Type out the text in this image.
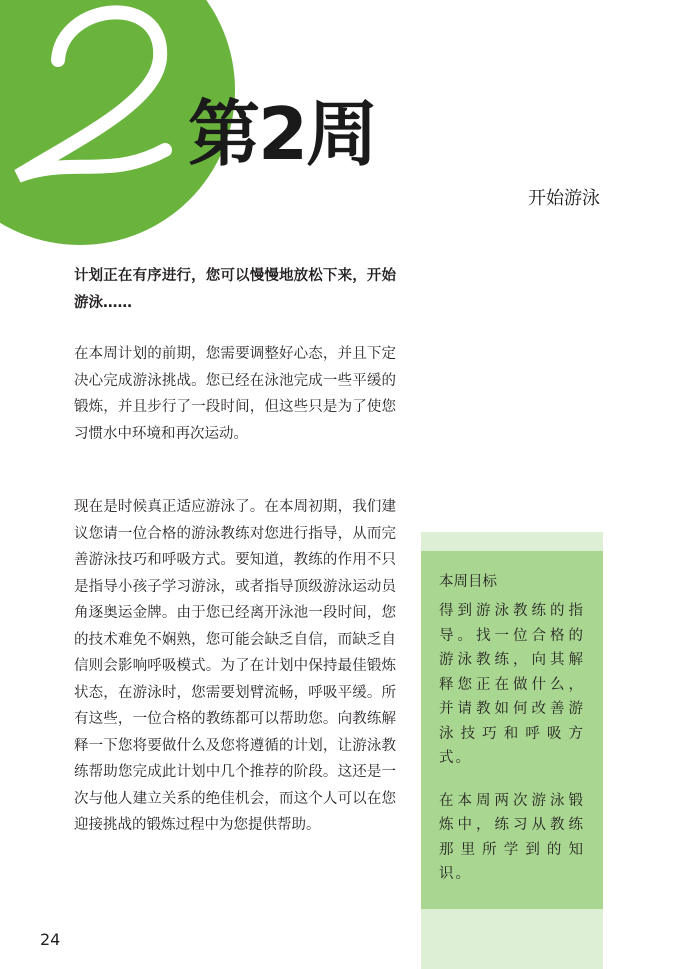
第2周
开始游泳

计划正在有序进行，您可以慢慢地放松下来，开始游泳……

在本周计划的前期，您需要调整好心态，并且下定决心完成游泳挑战。您已经在泳池完成一些平缓的锻炼，并且步行了一段时间，但这些只是为了使您习惯水中环境和再次运动。

现在是时候真正适应游泳了。在本周初期，我们建议您请一位合格的游泳教练对您进行指导，从而完善游泳技巧和呼吸方式。要知道，教练的作用不只是指导小孩子学习游泳，或者指导顶级游泳运动员角逐奥运金牌。由于您已经离开泳池一段时间，您的技术难免不娴熟，您可能会缺乏自信，而缺乏自信则会影响呼吸模式。为了在计划中保持最佳锻炼状态，在游泳时，您需要划臂流畅，呼吸平缓。所有这些，一位合格的教练都可以帮助您。向教练解释一下您将要做什么及您将遵循的计划，让游泳教练帮助您完成此计划中几个推荐的阶段。这还是一次与他人建立关系的绝佳机会，而这个人可以在您迎接挑战的锻炼过程中为您提供帮助。

本周目标

得到游泳教练的指导。找一位合格的游泳教练，向其解释您正在做什么，并请教如何改善游泳技巧和呼吸方式。

在本周两次游泳锻炼中，练习从教练那里所学到的知识。

24
